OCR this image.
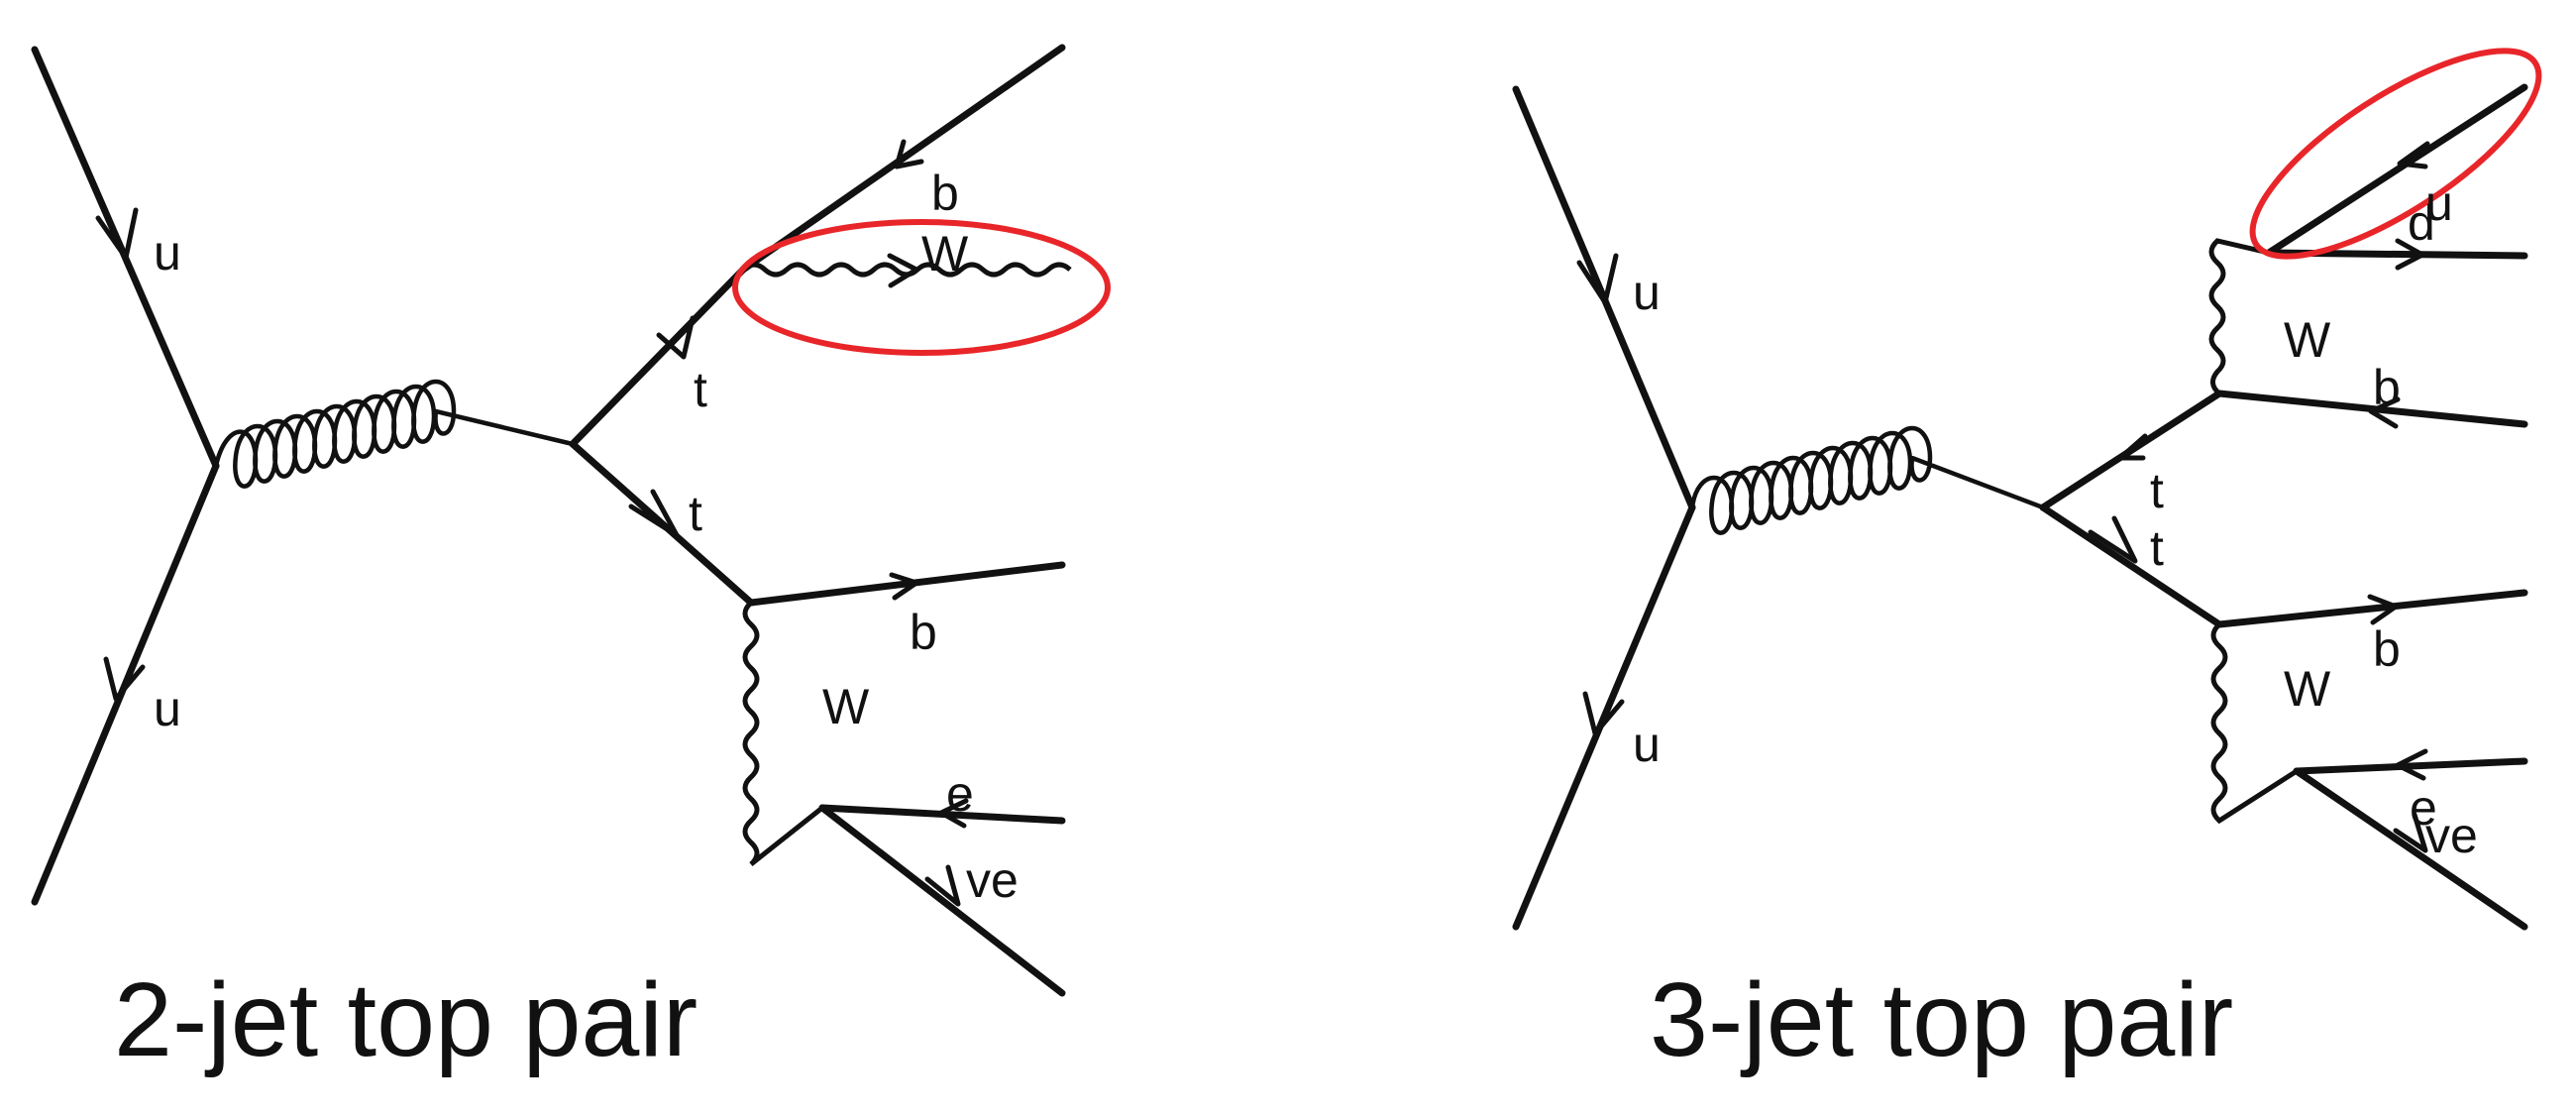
u
u
t
t
b
W
b
W
e
ve
2-jet top pair
u
u
d
u
W
b
t
t
b
W
e
ve
3-jet top pair
